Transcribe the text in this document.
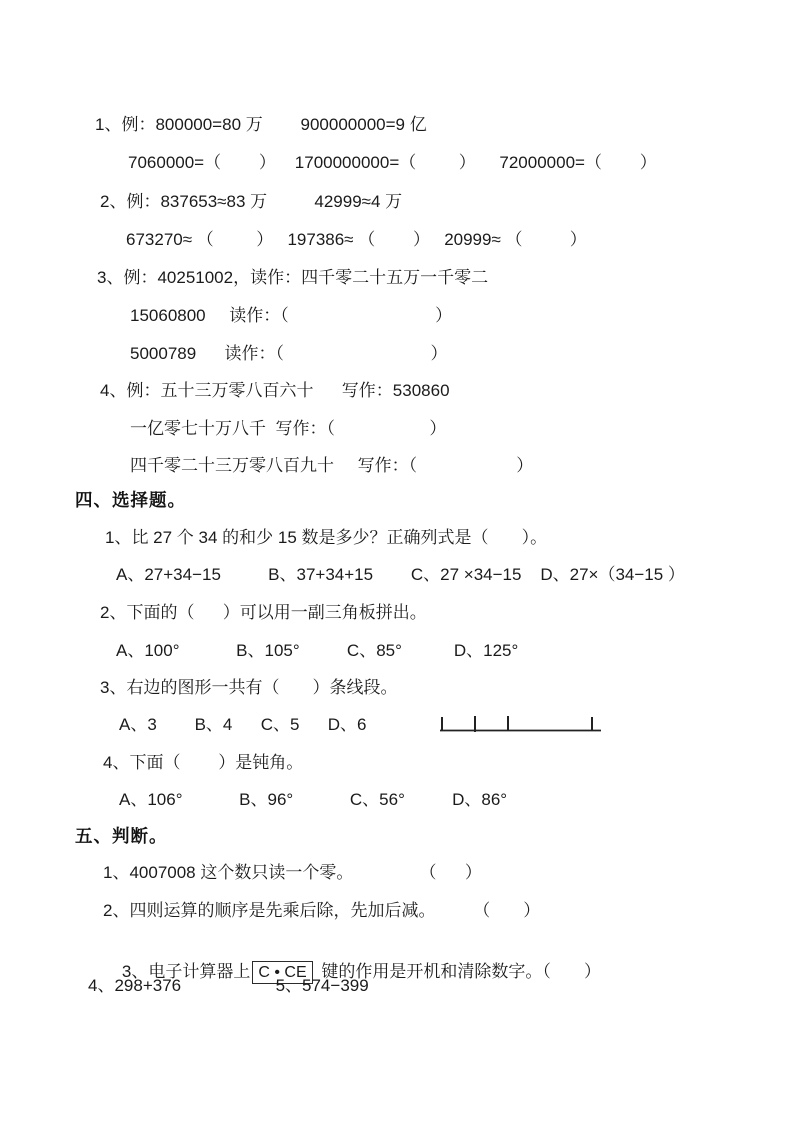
1、例：800000=80 万        900000000=9 亿
7060000=（        ）    1700000000=（         ）     72000000=（        ）
2、例：837653≈83 万          42999≈4 万
673270≈ （         ）   197386≈ （        ）   20999≈ （          ）
3、例：40251002，读作：四千零二十五万一千零二
15060800     读作：（                               ）
5000789      读作：（                               ）
4、例：五十三万零八百六十      写作：530860
一亿零七十万八千  写作：（                    ）
四千零二十三万零八百九十     写作：（                     ）
四、选择题。
1、比 27 个 34 的和少 15 数是多少？正确列式是（       ）。
A、27+34−15          B、37+34+15        C、27 ×34−15    D、27×（34−15 ）
2、下面的（      ）可以用一副三角板拼出。
A、100°            B、105°          C、85°           D、125°
3、右边的图形一共有（       ）条线段。
A、3        B、4      C、5      D、6
4、下面（        ）是钝角。
A、106°            B、96°            C、56°          D、86°
五、判断。
1、4007008 这个数只读一个零。              （      ）
2、四则运算的顺序是先乘后除，先加后减。        （       ）

3、电子计算器上 C • CE 键的作用是开机和清除数字。（       ）

4、298+376                    5、574−399
